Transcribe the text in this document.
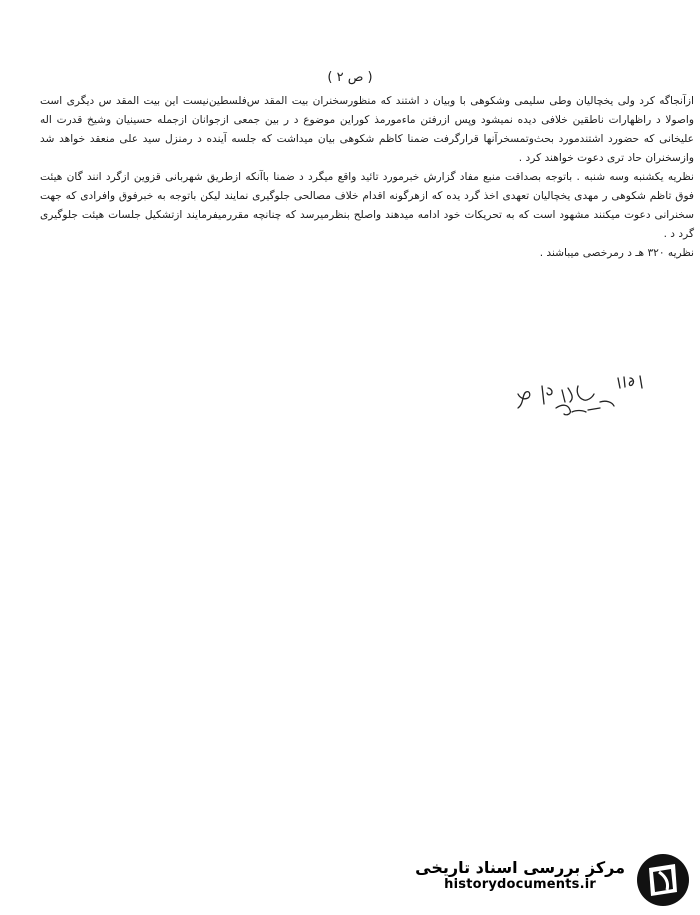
( ص ۲ )

ازآنجاگه کرد ولی یخچالیان وطی سلیمی وشکوهی با وبیان د اشتند که منظورسخنران بیت المقد س‌فلسطین‌نیست این بیت المقد س دیگری است واصولا د راظهارات ناطقین خلافی دیده نمیشود وپس ازرفتن ماءمورمذ کوراین موضوع د ر بین جمعی ازجوانان ازجمله حسینیان وشیخ قدرت اله علیخانی که حضورد اشتندمورد بحث‌وتمسخرآنها قرارگرفت ضمنا کاظم شکوهی بیان میداشت که جلسه آینده د رمنزل سید علی منعقد خواهد شد وازسخنران حاد تری دعوت خواهند کرد .

نظریه یکشنبه وسه شنبه . باتوجه بصداقت منبع مفاد گزارش خبرمورد تائید واقع میگرد د ضمنا باآنکه ازطریق شهربانی قزوین ازگرد انند گان هیئت فوق تا‌ظم شکوهی ر مهدی یخچالیان تعهدی اخذ گرد یده که ازهرگونه اقدام خلاف مصالحی جلوگیری نمایند لیکن باتوجه به خبرفوق وافرادی که جهت سخنرانی دعوت میکنند مشهود است که به تحریکات خود ادامه میدهند واصلح بنظرمیرسد که چنانچه مقررمیفرمایند ازتشکیل جلسات هیئت جلوگیری گرد د .

نظریه ۳۲۰ هـ د رمرخصی میباشند .

مرکز بررسی اسناد تاریخی
historydocuments.ir
